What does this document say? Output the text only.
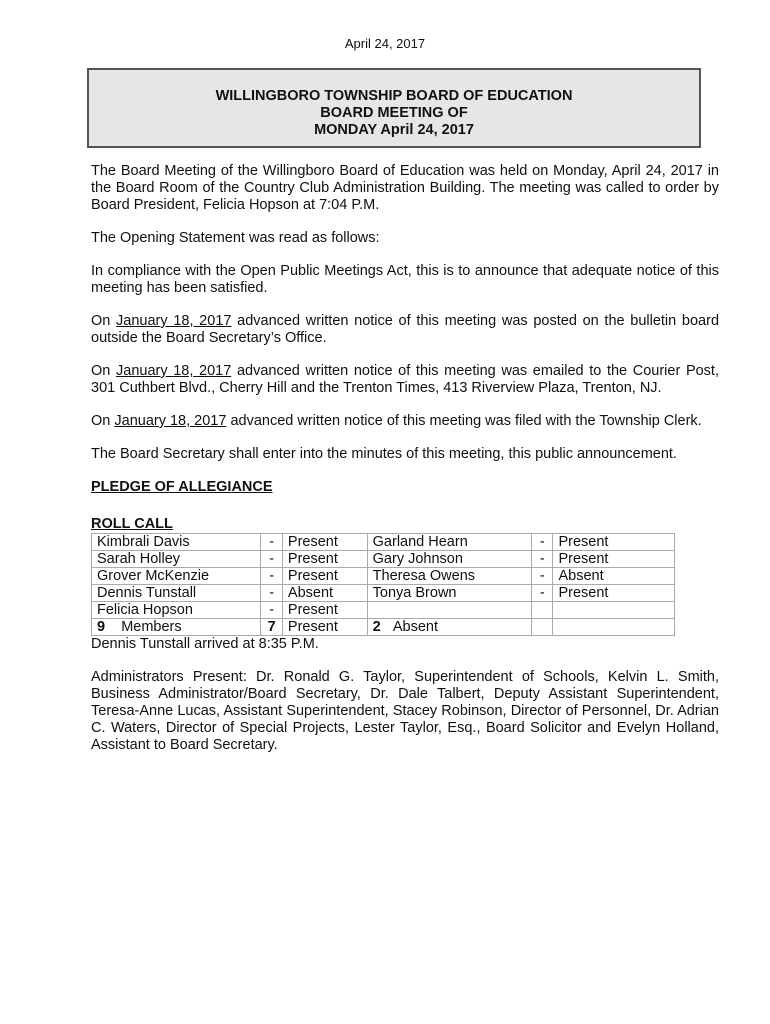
April 24, 2017
WILLINGBORO TOWNSHIP BOARD OF EDUCATION
BOARD MEETING OF
MONDAY April 24, 2017

The Board Meeting of the Willingboro Board of Education was held on Monday, April 24, 2017 in the Board Room of the Country Club Administration Building. The meeting was called to order by Board President, Felicia Hopson at 7:04 P.M.

The Opening Statement was read as follows:

In compliance with the Open Public Meetings Act, this is to announce that adequate notice of this meeting has been satisfied.

On January 18, 2017 advanced written notice of this meeting was posted on the bulletin board outside the Board Secretary’s Office.

On January 18, 2017 advanced written notice of this meeting was emailed to the Courier Post, 301 Cuthbert Blvd., Cherry Hill and the Trenton Times, 413 Riverview Plaza, Trenton, NJ.

On January 18, 2017 advanced written notice of this meeting was filed with the Township Clerk.

The Board Secretary shall enter into the minutes of this meeting, this public announcement.

PLEDGE OF ALLEGIANCE
ROLL CALL
Kimbrali Davis	-	Present	Garland Hearn	-	Present
Sarah Holley	-	Present	Gary Johnson	-	Present
Grover McKenzie	-	Present	Theresa Owens	-	Absent
Dennis Tunstall	-	Absent	Tonya Brown	-	Present
Felicia Hopson	-	Present			
9 Members	7	Present	2 Absent		

Dennis Tunstall arrived at 8:35 P.M.

Administrators Present: Dr. Ronald G. Taylor, Superintendent of Schools, Kelvin L. Smith, Business Administrator/Board Secretary, Dr. Dale Talbert, Deputy Assistant Superintendent, Teresa-Anne Lucas, Assistant Superintendent, Stacey Robinson, Director of Personnel, Dr. Adrian C. Waters, Director of Special Projects, Lester Taylor, Esq., Board Solicitor and Evelyn Holland, Assistant to Board Secretary.
